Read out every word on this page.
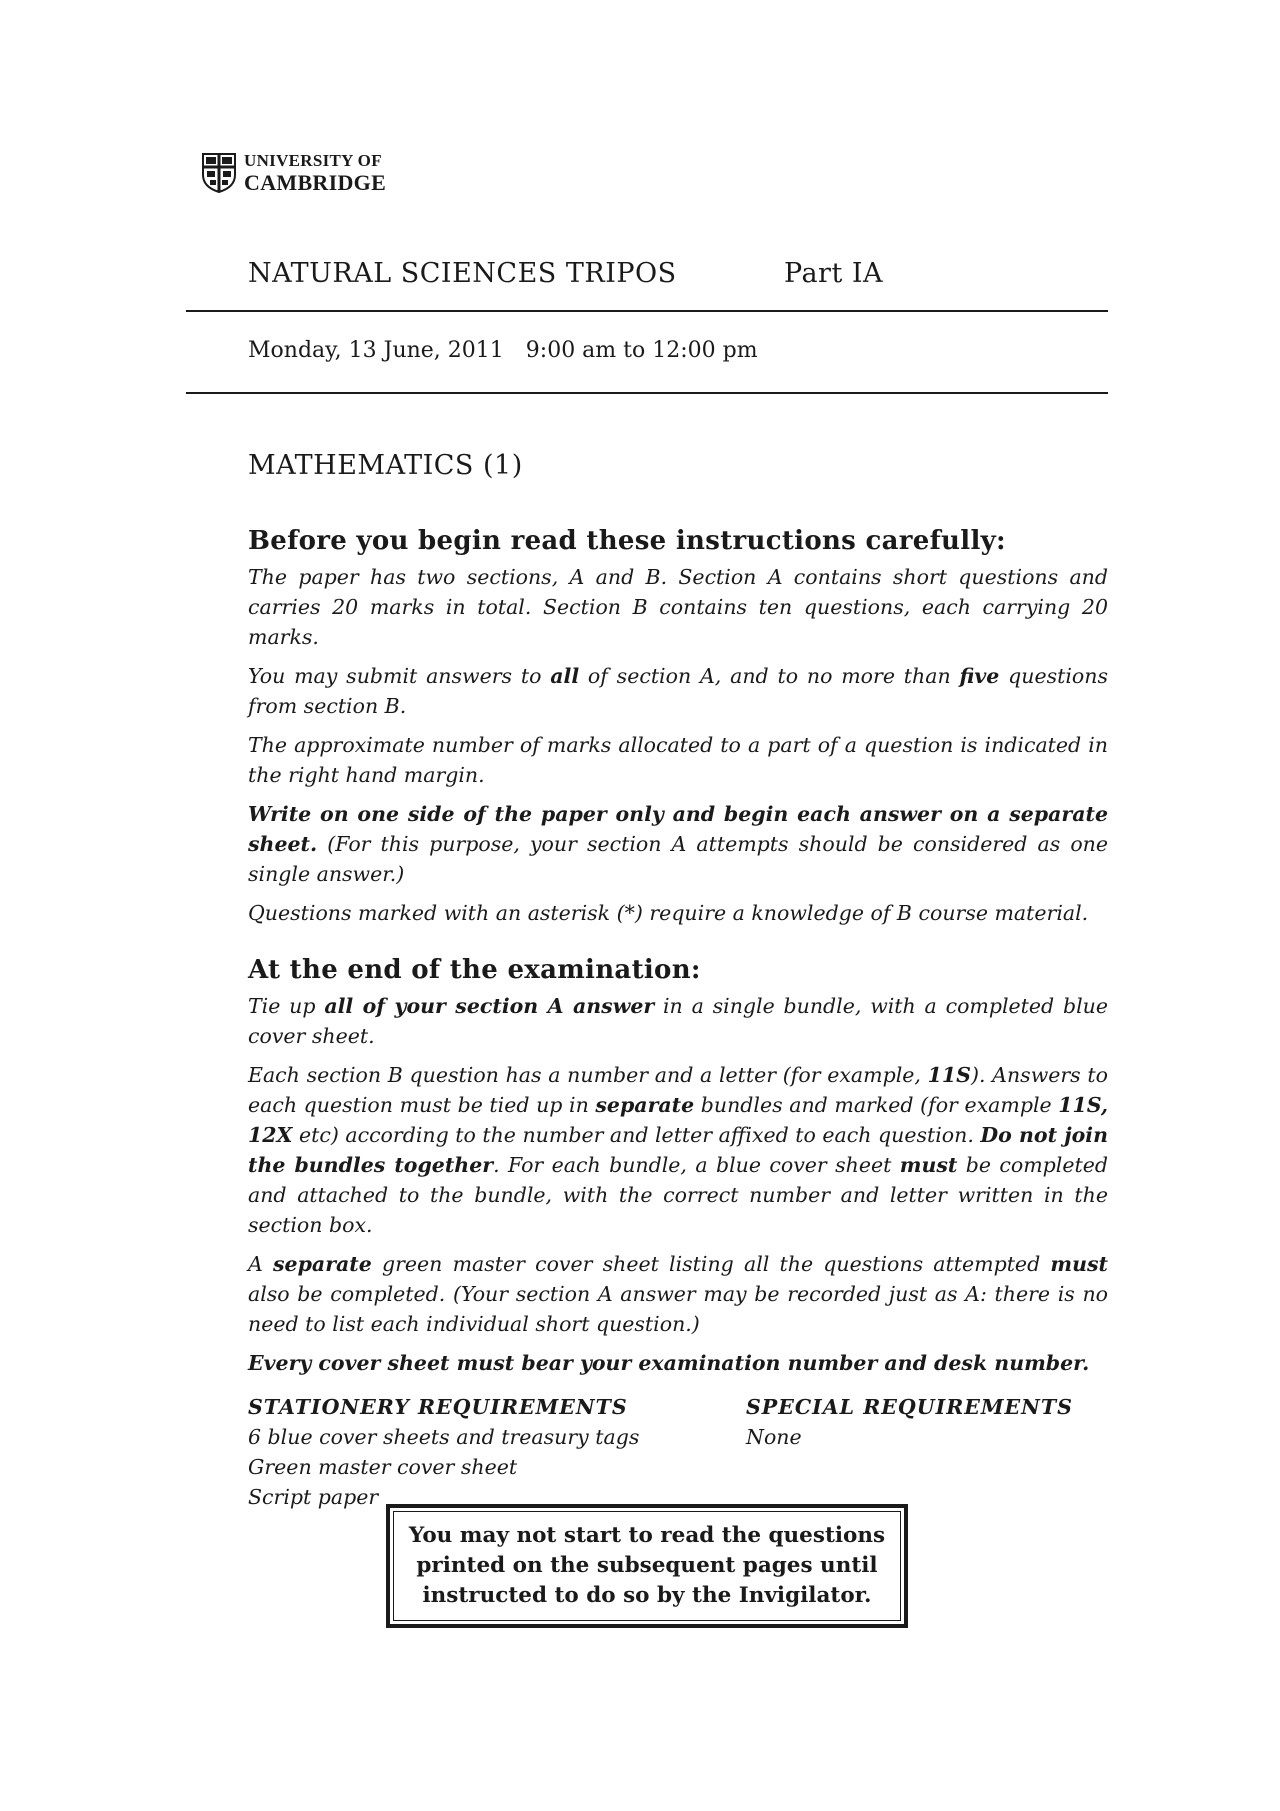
UNIVERSITY OF
CAMBRIDGE
NATURAL SCIENCES TRIPOS	Part IA
Monday, 13 June, 2011 9:00 am to 12:00 pm
MATHEMATICS (1)
Before you begin read these instructions carefully:

The paper has two sections, A and B. Section A contains short questions and carries 20 marks in total. Section B contains ten questions, each carrying 20 marks.

You may submit answers to all of section A, and to no more than five questions from section B.

The approximate number of marks allocated to a part of a question is indicated in the right hand margin.

Write on one side of the paper only and begin each answer on a separate sheet. (For this purpose, your section A attempts should be considered as one single answer.)

Questions marked with an asterisk (*) require a knowledge of B course material.

At the end of the examination:

Tie up all of your section A answer in a single bundle, with a completed blue cover sheet.

Each section B question has a number and a letter (for example, 11S). Answers to each question must be tied up in separate bundles and marked (for example 11S, 12X etc) according to the number and letter affixed to each question. Do not join the bundles together. For each bundle, a blue cover sheet must be completed and attached to the bundle, with the correct number and letter written in the section box.

A separate green master cover sheet listing all the questions attempted must also be completed. (Your section A answer may be recorded just as A: there is no need to list each individual short question.)

Every cover sheet must bear your examination number and desk number.

STATIONERY REQUIREMENTS
6 blue cover sheets and treasury tags
Green master cover sheet
Script paper
SPECIAL REQUIREMENTS
None
You may not start to read the questions
printed on the subsequent pages until
instructed to do so by the Invigilator.
